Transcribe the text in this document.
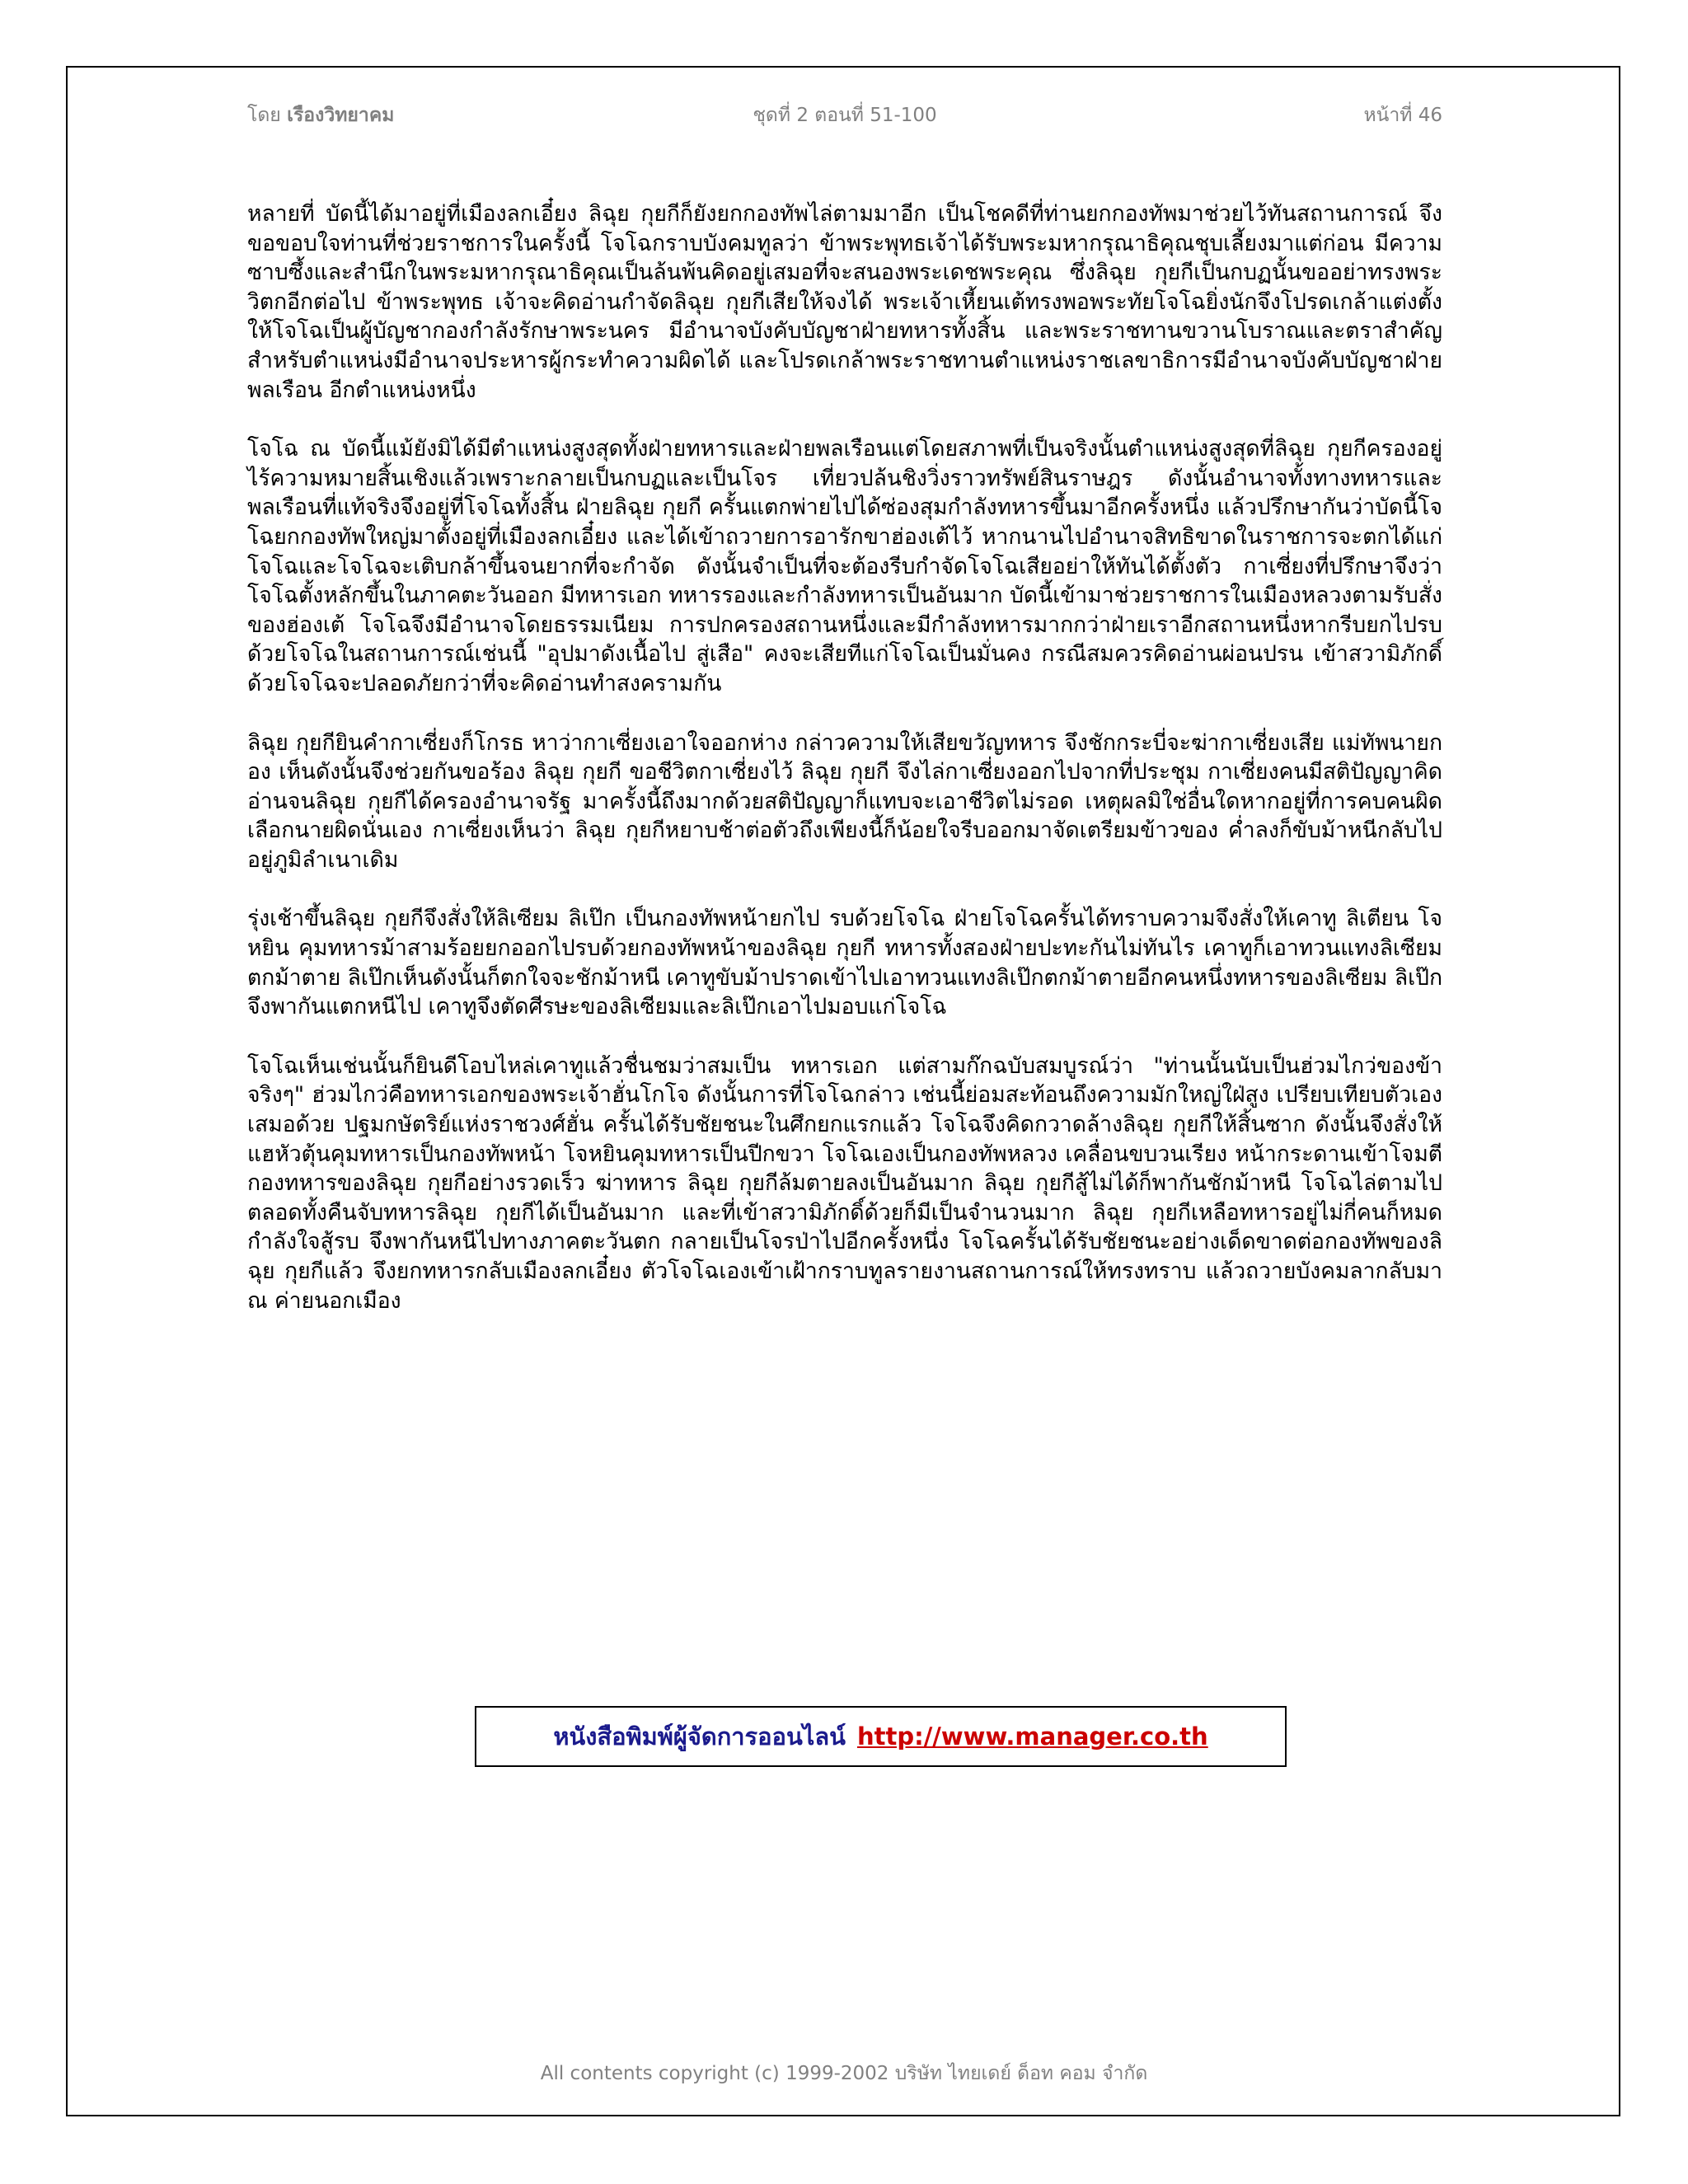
โดย เรืองวิทยาคม	ชุดที่ 2 ตอนที่ 51-100	หน้าที่ 46

หลายที่ บัดนี้ได้มาอยู่ที่เมืองลกเอี๋ยง ลิฉุย กุยกีก็ยังยกกองทัพไล่ตามมาอีก เป็นโชคดีที่ท่านยกกองทัพมาช่วยไว้ทันสถานการณ์ จึงขอขอบใจท่านที่ช่วยราชการในครั้งนี้ โจโฉกราบบังคมทูลว่า ข้าพระพุทธเจ้าได้รับพระมหากรุณาธิคุณชุบเลี้ยงมาแต่ก่อน มีความซาบซึ้งและสำนึกในพระมหากรุณาธิคุณเป็นล้นพ้นคิดอยู่เสมอที่จะสนองพระเดชพระคุณ ซึ่งลิฉุย กุยกีเป็นกบฏนั้นขออย่าทรงพระวิตกอีกต่อไป ข้าพระพุทธ เจ้าจะคิดอ่านกำจัดลิฉุย กุยกีเสียให้จงได้ พระเจ้าเหี้ยนเต้ทรงพอพระทัยโจโฉยิ่งนักจึงโปรดเกล้าแต่งตั้งให้โจโฉเป็นผู้บัญชากองกำลังรักษาพระนคร มีอำนาจบังคับบัญชาฝ่ายทหารทั้งสิ้น และพระราชทานขวานโบราณและตราสำคัญสำหรับตำแหน่งมีอำนาจประหารผู้กระทำความผิดได้ และโปรดเกล้าพระราชทานตำแหน่งราชเลขาธิการมีอำนาจบังคับบัญชาฝ่ายพลเรือน อีกตำแหน่งหนึ่ง

โจโฉ ณ บัดนี้แม้ยังมิได้มีตำแหน่งสูงสุดทั้งฝ่ายทหารและฝ่ายพลเรือนแต่โดยสภาพที่เป็นจริงนั้นตำแหน่งสูงสุดที่ลิฉุย กุยกีครองอยู่ไร้ความหมายสิ้นเชิงแล้วเพราะกลายเป็นกบฏและเป็นโจร เที่ยวปล้นชิงวิ่งราวทรัพย์สินราษฎร ดังนั้นอำนาจทั้งทางทหารและพลเรือนที่แท้จริงจึงอยู่ที่โจโฉทั้งสิ้น ฝ่ายลิฉุย กุยกี ครั้นแตกพ่ายไปได้ซ่องสุมกำลังทหารขึ้นมาอีกครั้งหนึ่ง แล้วปรึกษากันว่าบัดนี้โจโฉยกกองทัพใหญ่มาตั้งอยู่ที่เมืองลกเอี๋ยง และได้เข้าถวายการอารักขาฮ่องเต้ไว้ หากนานไปอำนาจสิทธิขาดในราชการจะตกได้แก่โจโฉและโจโฉจะเติบกล้าขึ้นจนยากที่จะกำจัด ดังนั้นจำเป็นที่จะต้องรีบกำจัดโจโฉเสียอย่าให้ทันได้ตั้งตัว กาเซี่ยงที่ปรึกษาจึงว่า โจโฉตั้งหลักขึ้นในภาคตะวันออก มีทหารเอก ทหารรองและกำลังทหารเป็นอันมาก บัดนี้เข้ามาช่วยราชการในเมืองหลวงตามรับสั่งของฮ่องเต้ โจโฉจึงมีอำนาจโดยธรรมเนียม การปกครองสถานหนึ่งและมีกำลังทหารมากกว่าฝ่ายเราอีกสถานหนึ่งหากรีบยกไปรบด้วยโจโฉในสถานการณ์เช่นนี้ "อุปมาดังเนื้อไป สู่เสือ" คงจะเสียทีแก่โจโฉเป็นมั่นคง กรณีสมควรคิดอ่านผ่อนปรน เข้าสวามิภักดิ์ด้วยโจโฉจะปลอดภัยกว่าที่จะคิดอ่านทำสงครามกัน

ลิฉุย กุยกียินคำกาเซี่ยงก็โกรธ หาว่ากาเซี่ยงเอาใจออกห่าง กล่าวความให้เสียขวัญทหาร จึงชักกระบี่จะฆ่ากาเซี่ยงเสีย แม่ทัพนายกอง เห็นดังนั้นจึงช่วยกันขอร้อง ลิฉุย กุยกี ขอชีวิตกาเซี่ยงไว้ ลิฉุย กุยกี จึงไล่กาเซี่ยงออกไปจากที่ประชุม กาเซี่ยงคนมีสติปัญญาคิดอ่านจนลิฉุย กุยกีได้ครองอำนาจรัฐ มาครั้งนี้ถึงมากด้วยสติปัญญาก็แทบจะเอาชีวิตไม่รอด เหตุผลมิใช่อื่นใดหากอยู่ที่การคบคนผิด เลือกนายผิดนั่นเอง กาเซี่ยงเห็นว่า ลิฉุย กุยกีหยาบช้าต่อตัวถึงเพียงนี้ก็น้อยใจรีบออกมาจัดเตรียมข้าวของ ค่ำลงก็ขับม้าหนีกลับไปอยู่ภูมิลำเนาเดิม

รุ่งเช้าขึ้นลิฉุย กุยกีจึงสั่งให้ลิเซียม ลิเป๊ก เป็นกองทัพหน้ายกไป รบด้วยโจโฉ ฝ่ายโจโฉครั้นได้ทราบความจึงสั่งให้เคาทู ลิเตียน โจหยิน คุมทหารม้าสามร้อยยกออกไปรบด้วยกองทัพหน้าของลิฉุย กุยกี ทหารทั้งสองฝ่ายปะทะกันไม่ทันไร เคาทูก็เอาทวนแทงลิเซียมตกม้าตาย ลิเป๊กเห็นดังนั้นก็ตกใจจะชักม้าหนี เคาทูขับม้าปราดเข้าไปเอาทวนแทงลิเป๊กตกม้าตายอีกคนหนึ่งทหารของลิเซียม ลิเป๊ก จึงพากันแตกหนีไป เคาทูจึงตัดศีรษะของลิเซียมและลิเป๊กเอาไปมอบแก่โจโฉ

โจโฉเห็นเช่นนั้นก็ยินดีโอบไหล่เคาทูแล้วชื่นชมว่าสมเป็น ทหารเอก แต่สามก๊กฉบับสมบูรณ์ว่า "ท่านนั้นนับเป็นฮ่วมไกว่ของข้าจริงๆ" ฮ่วมไกว่คือทหารเอกของพระเจ้าฮั่นโกโจ ดังนั้นการที่โจโฉกล่าว เช่นนี้ย่อมสะท้อนถึงความมักใหญ่ใฝ่สูง เปรียบเทียบตัวเองเสมอด้วย ปฐมกษัตริย์แห่งราชวงศ์ฮั่น ครั้นได้รับชัยชนะในศึกยกแรกแล้ว โจโฉจึงคิดกวาดล้างลิฉุย กุยกีให้สิ้นซาก ดังนั้นจึงสั่งให้แฮหัวตุ้นคุมทหารเป็นกองทัพหน้า โจหยินคุมทหารเป็นปีกขวา โจโฉเองเป็นกองทัพหลวง เคลื่อนขบวนเรียง หน้ากระดานเข้าโจมตีกองทหารของลิฉุย กุยกีอย่างรวดเร็ว ฆ่าทหาร ลิฉุย กุยกีล้มตายลงเป็นอันมาก ลิฉุย กุยกีสู้ไม่ได้ก็พากันชักม้าหนี โจโฉไล่ตามไปตลอดทั้งคืนจับทหารลิฉุย กุยกีได้เป็นอันมาก และที่เข้าสวามิภักดิ์ด้วยก็มีเป็นจำนวนมาก ลิฉุย กุยกีเหลือทหารอยู่ไม่กี่คนก็หมดกำลังใจสู้รบ จึงพากันหนีไปทางภาคตะวันตก กลายเป็นโจรป่าไปอีกครั้งหนึ่ง โจโฉครั้นได้รับชัยชนะอย่างเด็ดขาดต่อกองทัพของลิฉุย กุยกีแล้ว จึงยกทหารกลับเมืองลกเอี๋ยง ตัวโจโฉเองเข้าเฝ้ากราบทูลรายงานสถานการณ์ให้ทรงทราบ แล้วถวายบังคมลากลับมา ณ ค่ายนอกเมือง

หนังสือพิมพ์ผู้จัดการออนไลน์ http://www.manager.co.th
All contents copyright (c) 1999-2002 บริษัท ไทยเดย์ ด็อท คอม จำกัด
